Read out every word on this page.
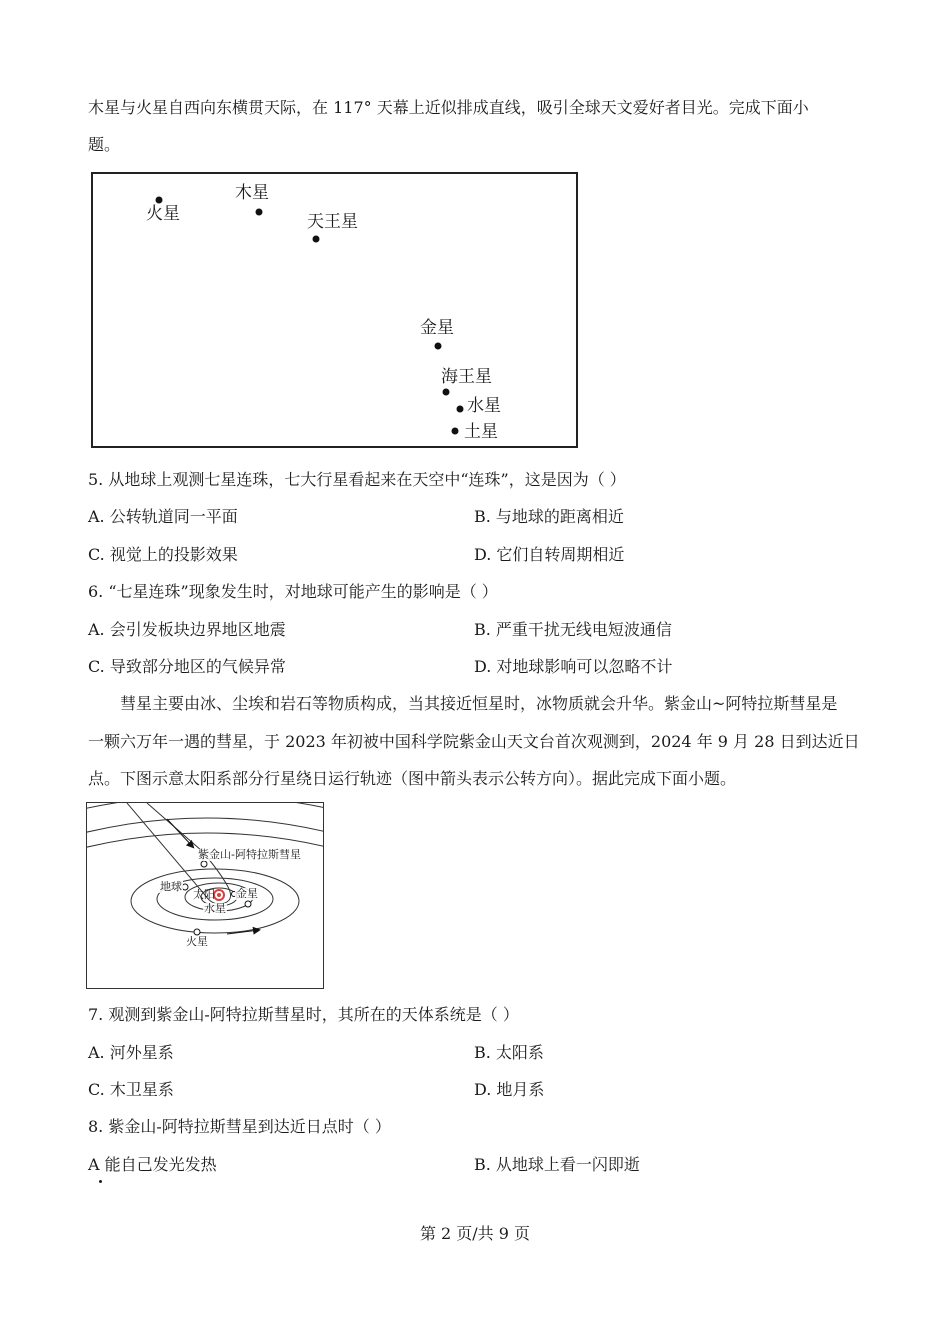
木星与火星自西向东横贯天际，在 117° 天幕上近似排成直线，吸引全球天文爱好者目光。完成下面小
题。
火星
木星
天王星
金星
海王星
水星
土星
5. 从地球上观测七星连珠，七大行星看起来在天空中“连珠”，这是因为（ ）
A. 公转轨道同一平面	B. 与地球的距离相近
C. 视觉上的投影效果	D. 它们自转周期相近
6. “七星连珠”现象发生时，对地球可能产生的影响是（ ）
A. 会引发板块边界地区地震	B. 严重干扰无线电短波通信
C. 导致部分地区的气候异常	D. 对地球影响可以忽略不计
彗星主要由冰、尘埃和岩石等物质构成，当其接近恒星时，冰物质就会升华。紫金山~阿特拉斯彗星是
一颗六万年一遇的彗星，于 2023 年初被中国科学院紫金山天文台首次观测到，2024 年 9 月 28 日到达近日
点。下图示意太阳系部分行星绕日运行轨迹（图中箭头表示公转方向）。据此完成下面小题。
紫金山-阿特拉斯彗星
地球
太阳 金星
水星
火星
7. 观测到紫金山-阿特拉斯彗星时，其所在的天体系统是（ ）
A. 河外星系	B. 太阳系
C. 木卫星系	D. 地月系
8. 紫金山-阿特拉斯彗星到达近日点时（ ）
A 能自己发光发热	B. 从地球上看一闪即逝
第 2 页/共 9 页
